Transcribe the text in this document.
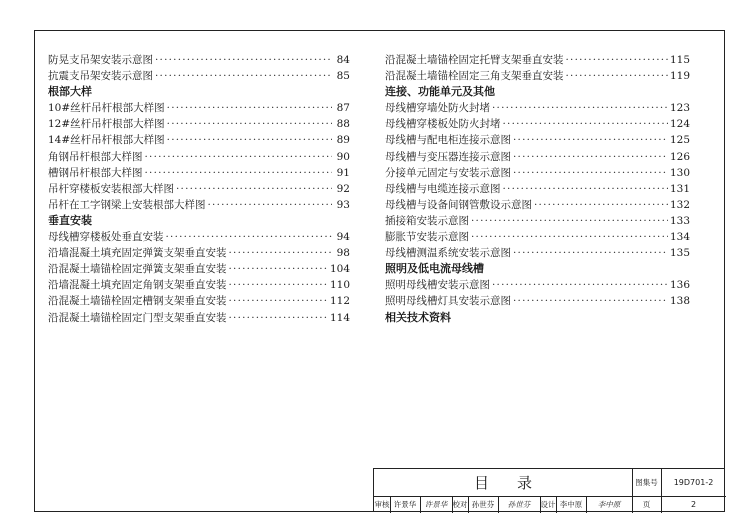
防晃支吊架安装示意图 ·····	84
抗震支吊架安装示意图 ·····	85
根部大样
10#丝杆吊杆根部大样图 ·····	87
12#丝杆吊杆根部大样图 ·····	88
14#丝杆吊杆根部大样图 ·····	89
角钢吊杆根部大样图 ·····	90
槽钢吊杆根部大样图 ·····	91
吊杆穿楼板安装根部大样图 ·····	92
吊杆在工字钢梁上安装根部大样图 ·····	93
垂直安装
母线槽穿楼板处垂直安装 ·····	94
沿墙混凝土填充固定弹簧支架垂直安装 ·····	98
沿混凝土墙锚栓固定弹簧支架垂直安装 ·····	104
沿墙混凝土填充固定角钢支架垂直安装 ·····	110
沿混凝土墙锚栓固定槽钢支架垂直安装 ·····	112
沿混凝土墙锚栓固定门型支架垂直安装 ·····	114
沿混凝土墙锚栓固定托臂支架垂直安装 ·····	115
沿混凝土墙锚栓固定三角支架垂直安装 ·····	119
连接、功能单元及其他
母线槽穿墙处防火封堵 ·····	123
母线槽穿楼板处防火封堵 ·····	124
母线槽与配电柜连接示意图 ·····	125
母线槽与变压器连接示意图 ·····	126
分接单元固定与安装示意图 ·····	130
母线槽与电缆连接示意图 ·····	131
母线槽与设备间钢管敷设示意图 ·····	132
插接箱安装示意图 ·····	133
膨胀节安装示意图 ·····	134
母线槽测温系统安装示意图 ·····	135
照明及低电流母线槽
照明母线槽安装示意图 ·····	136
照明母线槽灯具安装示意图 ·····	138
相关技术资料
目录	图集号	19D701-2
审核 许景华	许景华 校对 孙世芬	孙世芬	设计 李中原	李中原	页	2
